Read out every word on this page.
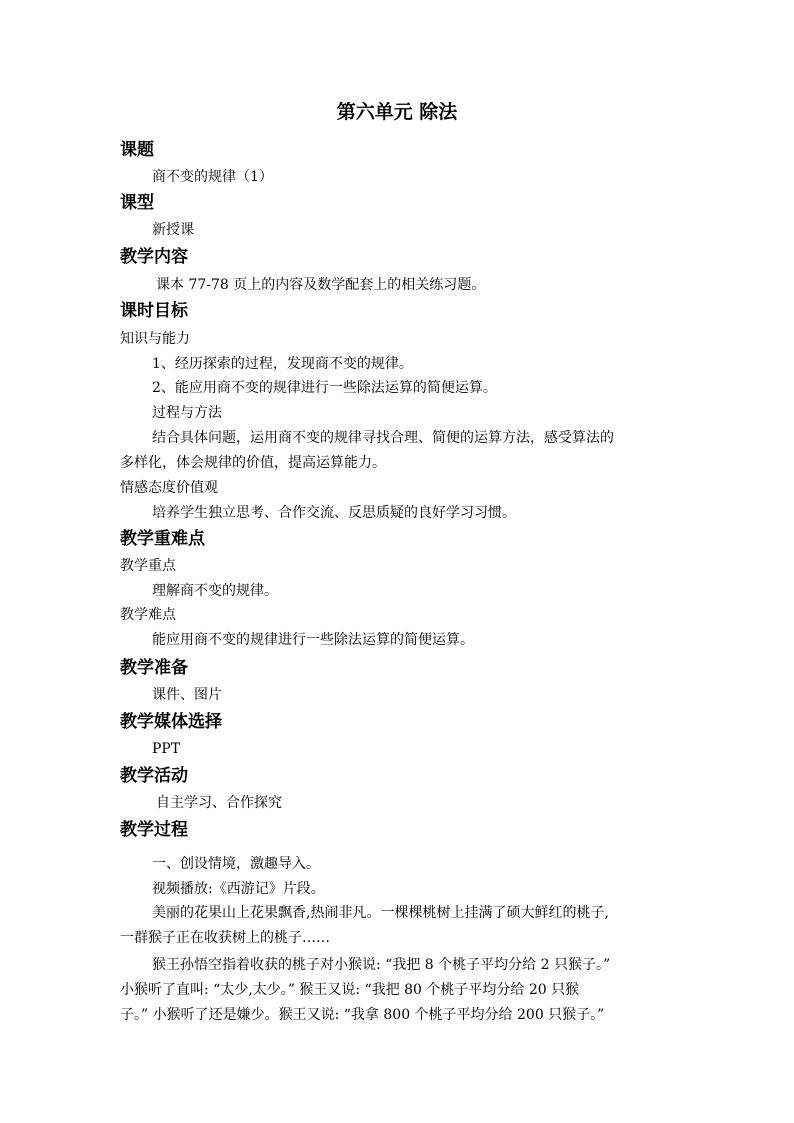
第六单元 除法
课题
商不变的规律（1）
课型
新授课
教学内容
课本 77-78 页上的内容及数学配套上的相关练习题。
课时目标
知识与能力
1、经历探索的过程，发现商不变的规律。
2、能应用商不变的规律进行一些除法运算的简便运算。
过程与方法
结合具体问题，运用商不变的规律寻找合理、简便的运算方法，感受算法的
多样化，体会规律的价值，提高运算能力。
情感态度价值观
培养学生独立思考、合作交流、反思质疑的良好学习习惯。
教学重难点
教学重点
理解商不变的规律。
教学难点
能应用商不变的规律进行一些除法运算的简便运算。
教学准备
课件、图片
教学媒体选择
PPT
教学活动
自主学习、合作探究
教学过程
一、创设情境，激趣导入。
视频播放:《西游记》片段。
美丽的花果山上花果飘香,热闹非凡。一棵棵桃树上挂满了硕大鲜红的桃子,
一群猴子正在收获树上的桃子……
猴王孙悟空指着收获的桃子对小猴说: “我把 8 个桃子平均分给 2 只猴子。”
小猴听了直叫: “太少,太少。” 猴王又说: “我把 80 个桃子平均分给 20 只猴
子。” 小猴听了还是嫌少。猴王又说: “我拿 800 个桃子平均分给 200 只猴子。”
